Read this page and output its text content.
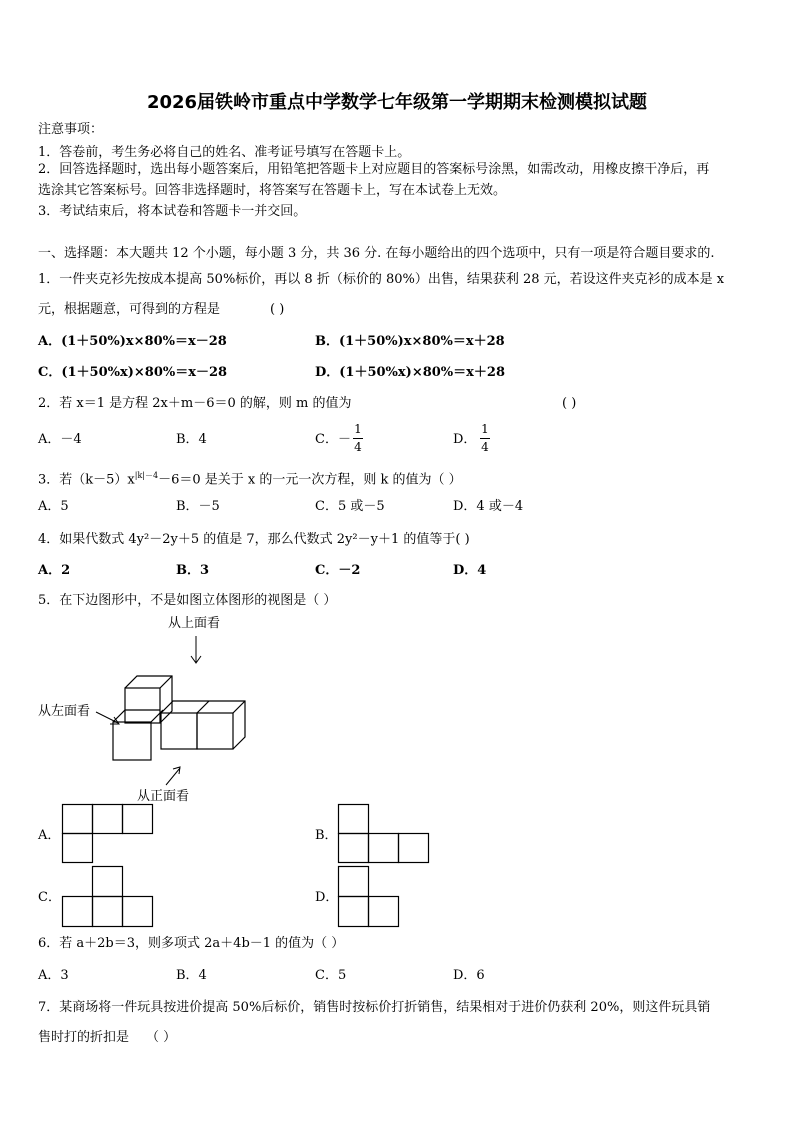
2026届铁岭市重点中学数学七年级第一学期期末检测模拟试题
注意事项：
1．答卷前，考生务必将自己的姓名、准考证号填写在答题卡上。
2．回答选择题时，选出每小题答案后，用铅笔把答题卡上对应题目的答案标号涂黑，如需改动，用橡皮擦干净后，再
选涂其它答案标号。回答非选择题时，将答案写在答题卡上，写在本试卷上无效。
3．考试结束后，将本试卷和答题卡一并交回。
一、选择题：本大题共 12 个小题，每小题 3 分，共 36 分. 在每小题给出的四个选项中，只有一项是符合题目要求的.
1．一件夹克衫先按成本提高 50%标价，再以 8 折（标价的 80%）出售，结果获利 28 元，若设这件夹克衫的成本是 x
元，根据题意，可得到的方程是	( )
A．(1＋50%)x×80%＝x－28	B．(1＋50%)x×80%＝x＋28
C．(1＋50%x)×80%＝x－28	D．(1＋50%x)×80%＝x＋28
2．若 x＝1 是方程 2x＋m－6＝0 的解，则 m 的值为	( )
A．－4	B．4	C．－
1
4	D．
1
4
3．若$(k-5)x^{|k|-4}-6=0$ 是关于 x 的一元一次方程，则 k 的值为（ ）
A．5	B．－5	C．5 或－5	D．4 或－4
4．如果代数式 4y²－2y＋5 的值是 7，那么代数式 2y²－y＋1 的值等于( )
A．2	B．3	C．－2	D．4
5．在下边图形中，不是如图立体图形的视图是（ ）
从上面看
从左面看
从正面看
A．	B．
C．	D．
6．若 a＋2b＝3，则多项式 2a＋4b－1 的值为（ ）
A．3	B．4	C．5	D．6
7．某商场将一件玩具按进价提高 50%后标价，销售时按标价打折销售，结果相对于进价仍获利 20%，则这件玩具销
售时打的折扣是 （ ）
